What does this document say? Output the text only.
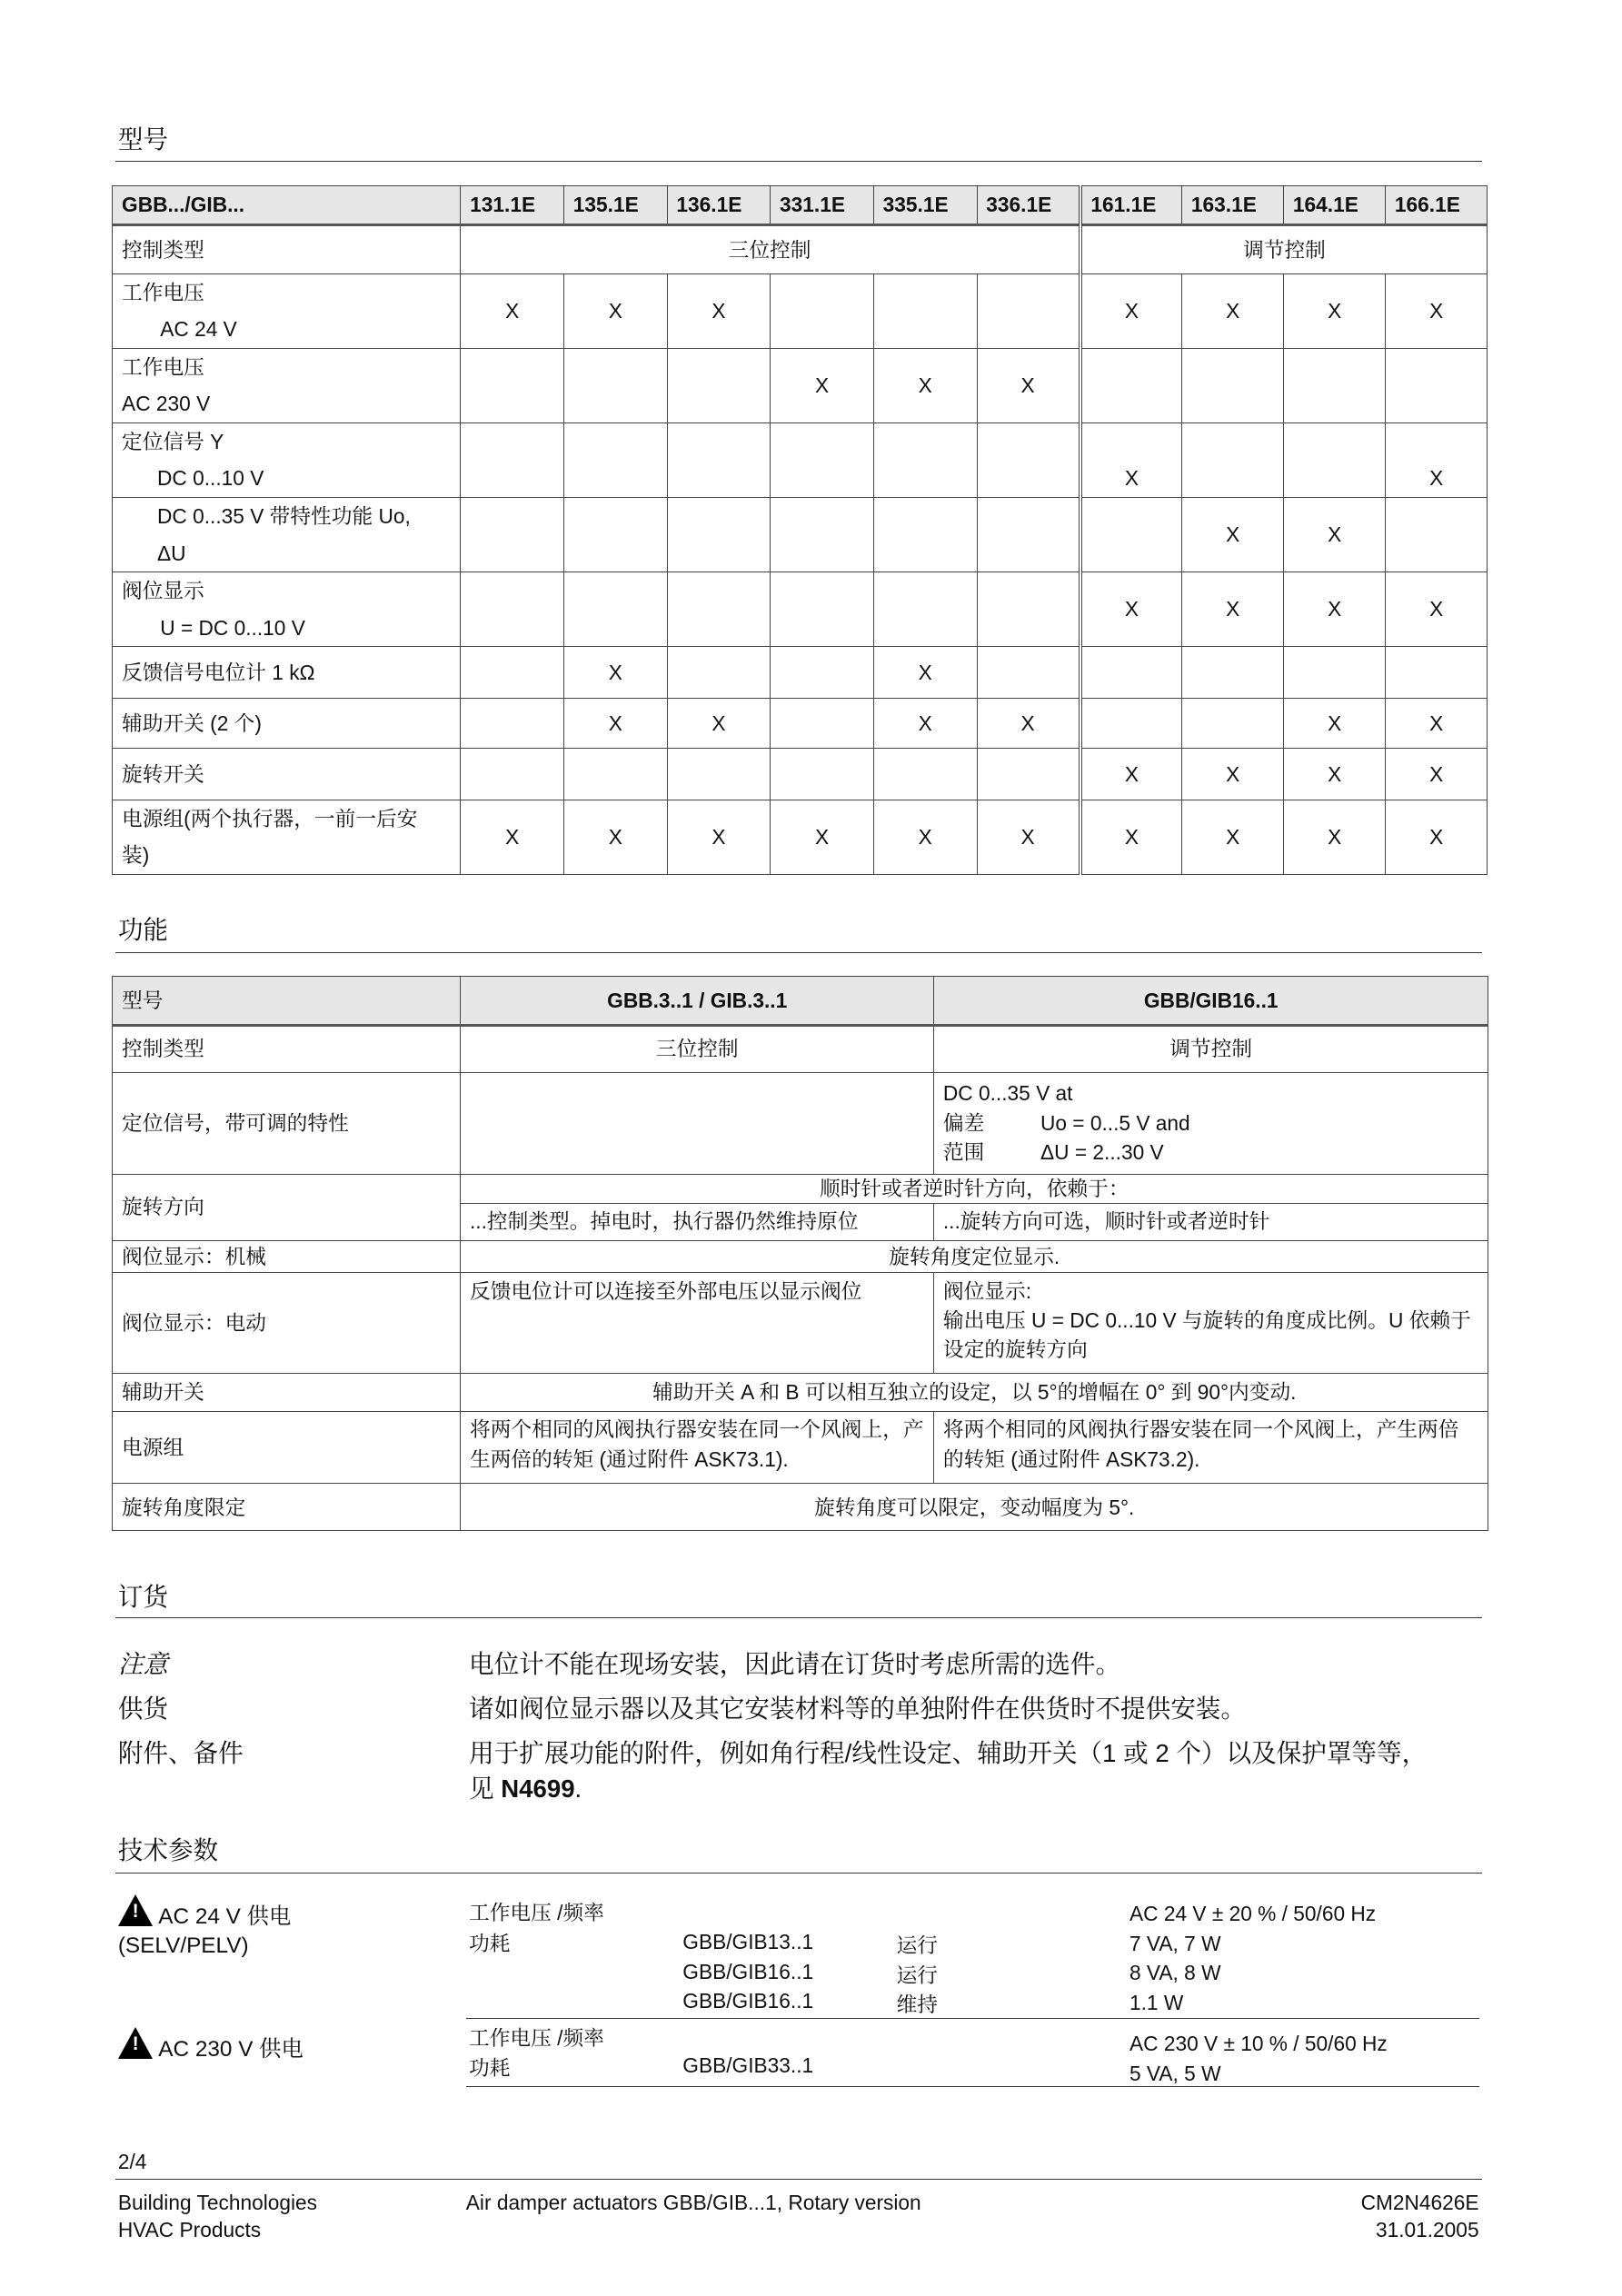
型号
GBB.../GIB...	131.1E	135.1E	136.1E	331.1E	335.1E	336.1E	161.1E	163.1E	164.1E	166.1E
控制类型	三位控制						调节控制			

工作电压
AC 24 V	X	X	X				X	X	X	X

工作电压
AC 230 V				X	X	X				

定位信号 Y
DC 0...10 V							X			X

DC 0...35 V 带特性功能 Uo,
ΔU								X	X	

阀位显示
U = DC 0...10 V							X	X	X	X

反馈信号电位计 1 kΩ		X			X					

辅助开关 (2 个)		X	X		X	X			X	X

旋转开关							X	X	X	X

电源组(两个执行器，一前一后安
装)	X	X	X	X	X	X	X	X	X	X
功能
型号	GBB.3..1 / GIB.3..1	GBB/GIB16..1
控制类型	三位控制	调节控制
定位信号，带可调的特性		DC 0...35 V at
偏差 Uo = 0...5 V and
范围 ΔU = 2...30 V

旋转方向	顺时针或者逆时针方向，依赖于：	
	...控制类型。掉电时，执行器仍然维持原位	...旋转方向可选，顺时针或者逆时针
阀位显示：机械	旋转角度定位显示.	
阀位显示：电动	反馈电位计可以连接至外部电压以显示阀位	阀位显示:
输出电压 U = DC 0...10 V 与旋转的角度成比例。U 依赖于设定的旋转方向

辅助开关	辅助开关 A 和 B 可以相互独立的设定，以 5°的增幅在 0° 到 90°内变动.	
电源组	将两个相同的风阀执行器安装在同一个风阀上，产生两倍的转矩 (通过附件 ASK73.1).	将两个相同的风阀执行器安装在同一个风阀上，产生两倍的转矩 (通过附件 ASK73.2).
旋转角度限定	旋转角度可以限定，变动幅度为 5°.	
订货
注意	电位计不能在现场安装，因此请在订货时考虑所需的选件。
供货	诸如阀位显示器以及其它安装材料等的单独附件在供货时不提供安装。
附件、备件	用于扩展功能的附件，例如角行程/线性设定、辅助开关（1 或 2 个）以及保护罩等等，
见 N4699.
技术参数
! AC 24 V 供电
(SELV/PELV)
工作电压 /频率	AC 24 V ± 20 % / 50/60 Hz
功耗	GBB/GIB13..1	运行	7 VA, 7 W
GBB/GIB16..1	运行	8 VA, 8 W
GBB/GIB16..1	维持	1.1 W
! AC 230 V 供电	工作电压 /频率	AC 230 V ± 10 % / 50/60 Hz
功耗	GBB/GIB33..1	5 VA, 5 W
2/4
Building Technologies
HVAC Products
Air damper actuators GBB/GIB...1, Rotary version	CM2N4626E
31.01.2005
